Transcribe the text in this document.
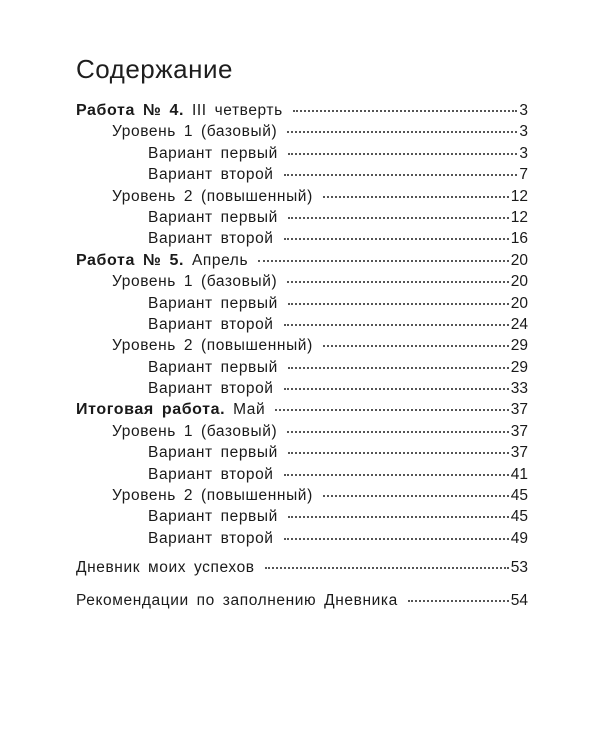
Содержание
Работа № 4. III четверть	3
Уровень 1 (базовый)	3
Вариант первый	3
Вариант второй	7
Уровень 2 (повышенный)	12
Вариант первый	12
Вариант второй	16
Работа № 5. Апрель	20
Уровень 1 (базовый)	20
Вариант первый	20
Вариант второй	24
Уровень 2 (повышенный)	29
Вариант первый	29
Вариант второй	33
Итоговая работа. Май	37
Уровень 1 (базовый)	37
Вариант первый	37
Вариант второй	41
Уровень 2 (повышенный)	45
Вариант первый	45
Вариант второй	49
Дневник моих успехов	53
Рекомендации по заполнению Дневника	54
